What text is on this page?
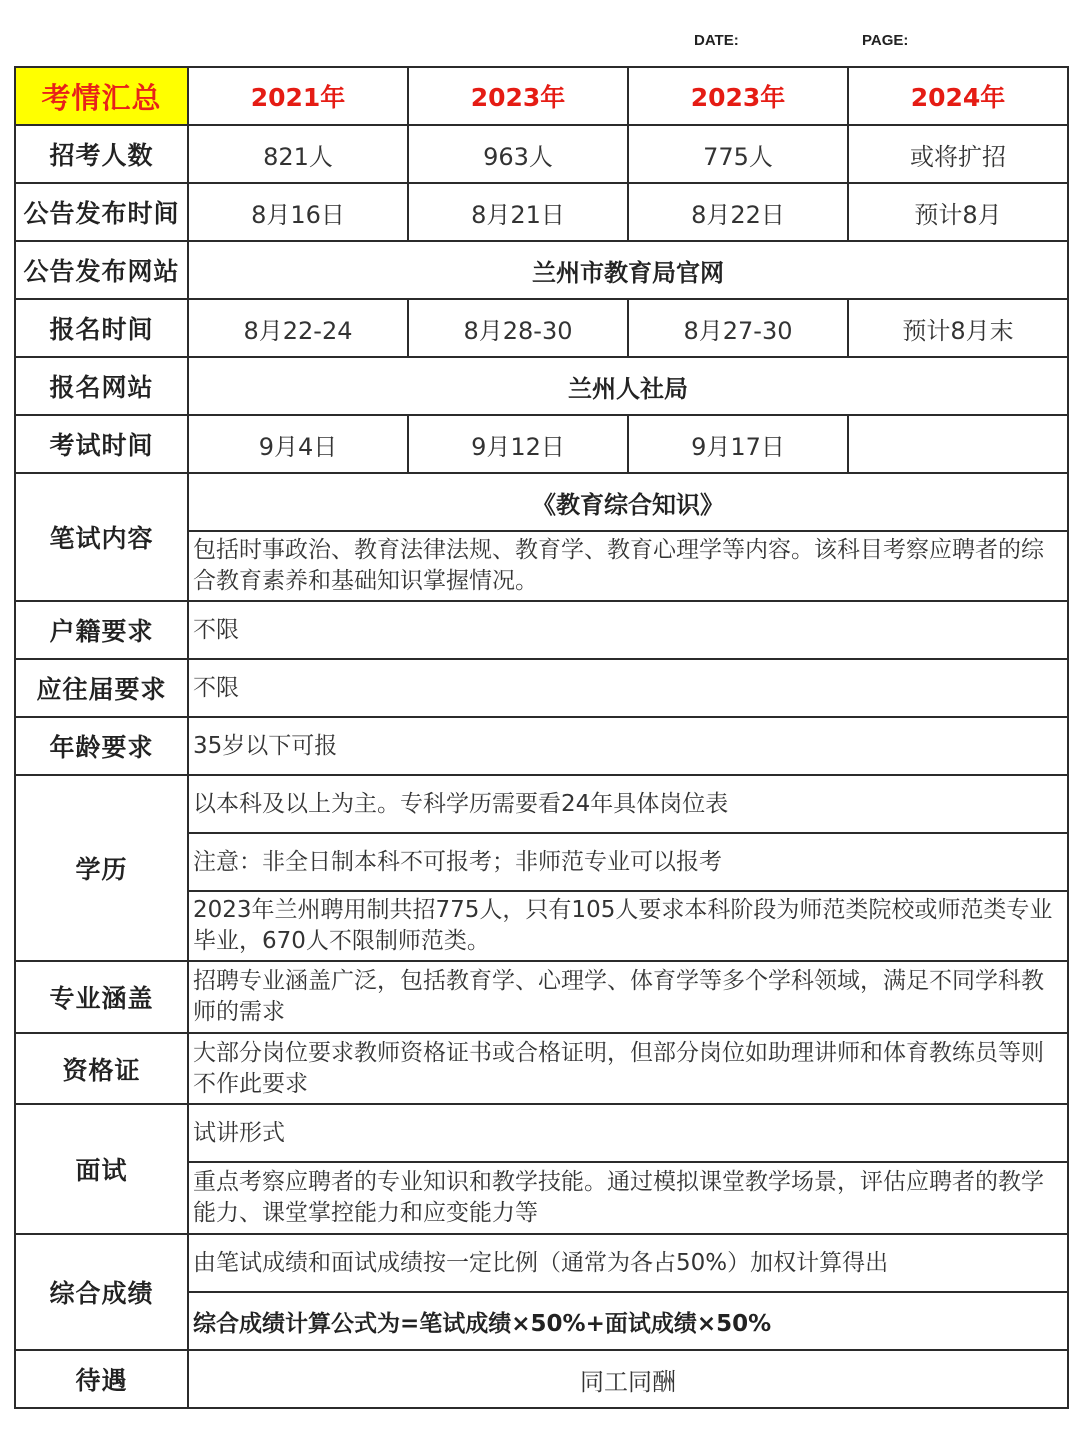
DATE:	PAGE:
考情汇总	2021年	2023年	2023年	2024年
招考人数	821人	963人	775人	或将扩招
公告发布时间	8月16日	8月21日	8月22日	预计8月
公告发布网站	兰州市教育局官网			
报名时间	8月22-24	8月28-30	8月27-30	预计8月末
报名网站	兰州人社局			
考试时间	9月4日	9月12日	9月17日	
笔试内容	《教育综合知识》			
	包括时事政治、教育法律法规、教育学、教育心理学等内容。该科目考察应聘者的综合教育素养和基础知识掌握情况。			
户籍要求	不限			
应往届要求	不限			
年龄要求	35岁以下可报			
学历	以本科及以上为主。专科学历需要看24年具体岗位表			
	注意：非全日制本科不可报考；非师范专业可以报考			
	2023年兰州聘用制共招775人，只有105人要求本科阶段为师范类院校或师范类专业毕业，670人不限制师范类。			
专业涵盖	招聘专业涵盖广泛，包括教育学、心理学、体育学等多个学科领域，满足不同学科教师的需求			
资格证	大部分岗位要求教师资格证书或合格证明，但部分岗位如助理讲师和体育教练员等则不作此要求			
面试	试讲形式			
	重点考察应聘者的专业知识和教学技能。通过模拟课堂教学场景，评估应聘者的教学能力、课堂掌控能力和应变能力等			
综合成绩	由笔试成绩和面试成绩按一定比例（通常为各占50%）加权计算得出			
	综合成绩计算公式为=笔试成绩×50%+面试成绩×50%			
待遇	同工同酬			
